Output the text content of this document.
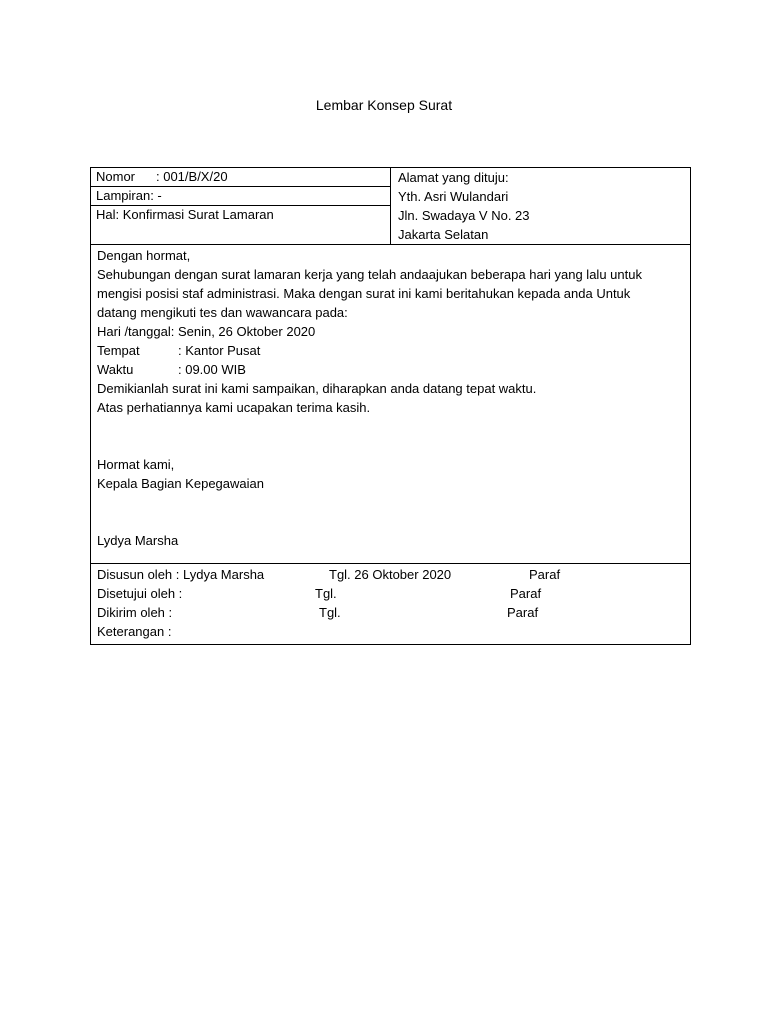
Lembar Konsep Surat
Nomor : 001/B/X/20
Lampiran: -
Hal: Konfirmasi Surat Lamaran
Alamat yang dituju:
Yth. Asri Wulandari
Jln. Swadaya V No. 23
Jakarta Selatan
Dengan hormat,
Sehubungan dengan surat lamaran kerja yang telah andaajukan beberapa hari yang lalu untuk
mengisi posisi staf administrasi. Maka dengan surat ini kami beritahukan kepada anda Untuk
datang mengikuti tes dan wawancara pada:
Hari /tanggal: Senin, 26 Oktober 2020
Tempat	: Kantor Pusat
Waktu	: 09.00 WIB
Demikianlah surat ini kami sampaikan, diharapkan anda datang tepat waktu.
Atas perhatiannya kami ucapakan terima kasih.
Hormat kami,
Kepala Bagian Kepegawaian
Lydya Marsha
Disusun oleh : Lydya Marsha	Tgl. 26 Oktober 2020	Paraf
Disetujui oleh :	Tgl.	Paraf
Dikirim oleh :	Tgl.	Paraf
Keterangan :
